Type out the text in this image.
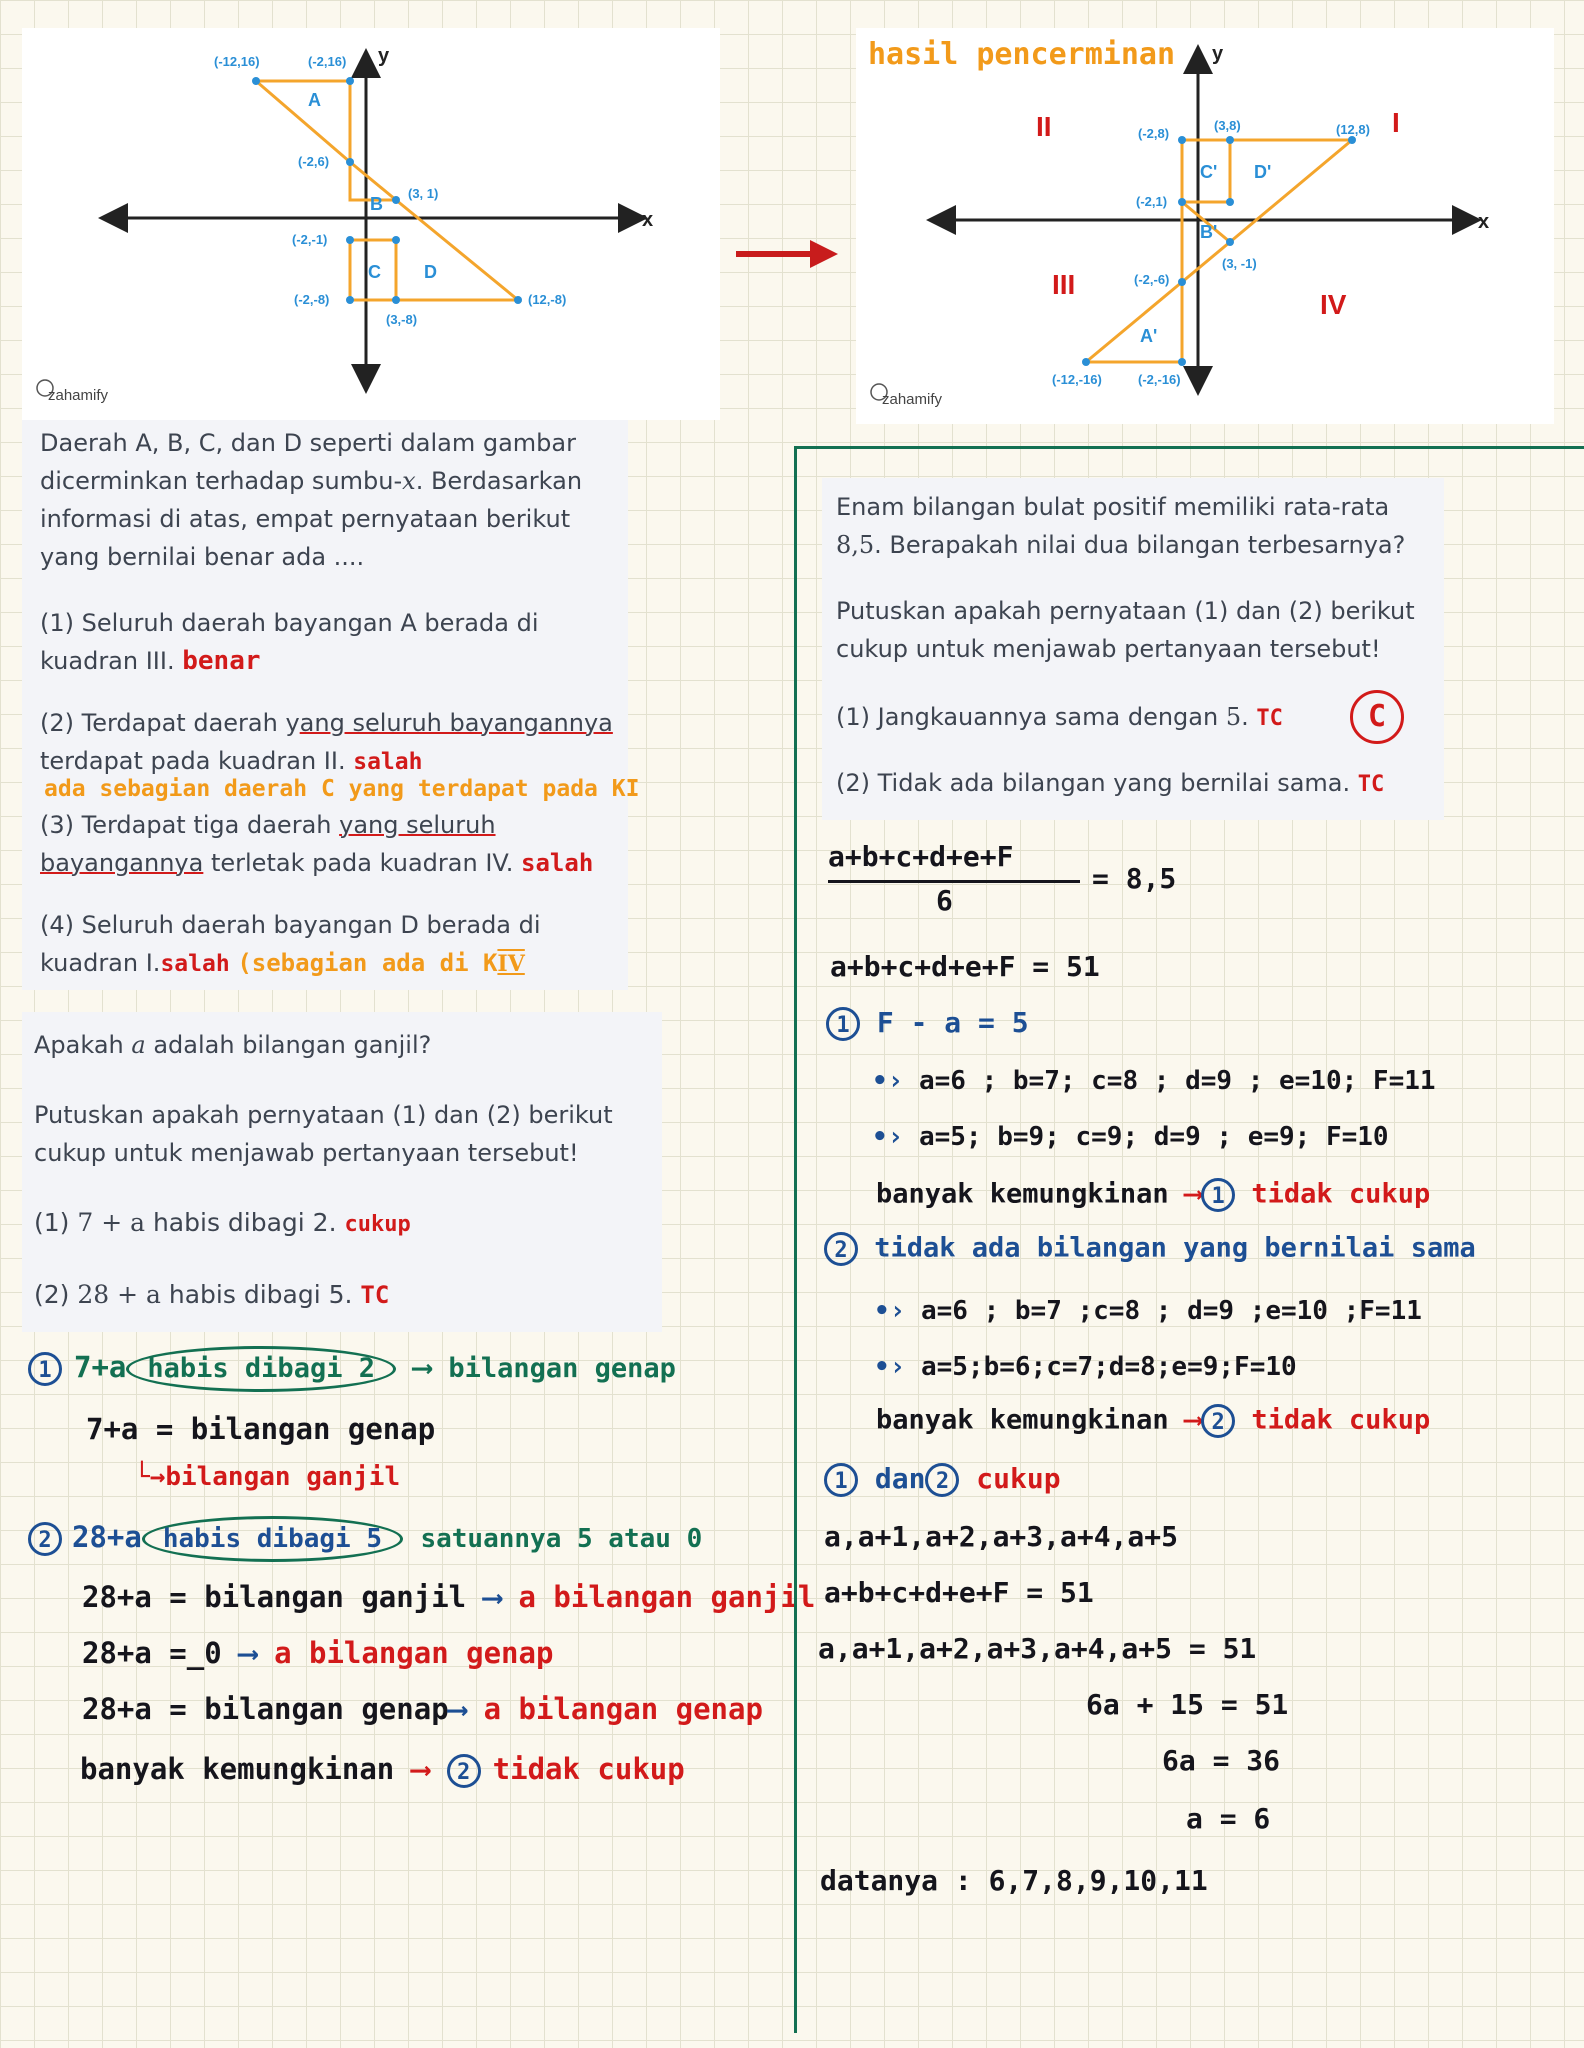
y
x
(-12,16)	(-2,16)
(-2,6)
(3, 1)
(-2,-1)
(-2,-8)
(3,-8)
(12,-8)
A
B
C D
zahamify
hasil pencerminan y
x
(-2,8)
(3,8)	(12,8)
(-2,1)
(3, -1)
(-2,-6)
(-12,-16)	(-2,-16)
C' D'
B'
A'
I
II
III
IV
zahamify
Daerah A, B, C, dan D seperti dalam gambar dicerminkan terhadap sumbu-x. Berdasarkan informasi di atas, empat pernyataan berikut yang bernilai benar ada ....
(1) Seluruh daerah bayangan A berada di kuadran III. benar
(2) Terdapat daerah yang seluruh bayangannya
terdapat pada kuadran II. salah
ada sebagian daerah C yang terdapat pada KI
(3) Terdapat tiga daerah yang seluruh
bayangannya terletak pada kuadran IV. salah
(4) Seluruh daerah bayangan D berada di
kuadran I.salah (sebagian ada di KIV
Apakah a adalah bilangan ganjil?
Putuskan apakah pernyataan (1) dan (2) berikut cukup untuk menjawab pertanyaan tersebut!
(1) 7 + a habis dibagi 2. cukup
(2) 28 + a habis dibagi 5. TC
1 7+a habis dibagi 2 ⟶ bilangan genap
7+a = bilangan genap
└→bilangan ganjil
2 28+a habis dibagi 5 satuannya 5 atau 0
28+a = bilangan ganjil ⟶ a bilangan ganjil
28+a =_0 ⟶ a bilangan genap
28+a = bilangan genap⟶ a bilangan genap
banyak kemungkinan ⟶ 2 tidak cukup
Enam bilangan bulat positif memiliki rata-rata 8,5. Berapakah nilai dua bilangan terbesarnya?
Putuskan apakah pernyataan (1) dan (2) berikut cukup untuk menjawab pertanyaan tersebut!
(1) Jangkauannya sama dengan 5. TC	C
(2) Tidak ada bilangan yang bernilai sama. TC
a+b+c+d+e+F
6
= 8,5
a+b+c+d+e+F = 51
1 F - a = 5
•› a=6 ; b=7; c=8 ; d=9 ; e=10; F=11
•› a=5; b=9; c=9; d=9 ; e=9; F=10
banyak kemungkinan ⟶ 1 tidak cukup
2 tidak ada bilangan yang bernilai sama
•› a=6 ; b=7 ;c=8 ; d=9 ;e=10 ;F=11
•› a=5;b=6;c=7;d=8;e=9;F=10
banyak kemungkinan ⟶ 2 tidak cukup
1 dan 2 cukup
a,a+1,a+2,a+3,a+4,a+5
a+b+c+d+e+F = 51
a,a+1,a+2,a+3,a+4,a+5 = 51
6a + 15 = 51
6a = 36
a = 6
datanya : 6,7,8,9,10,11
